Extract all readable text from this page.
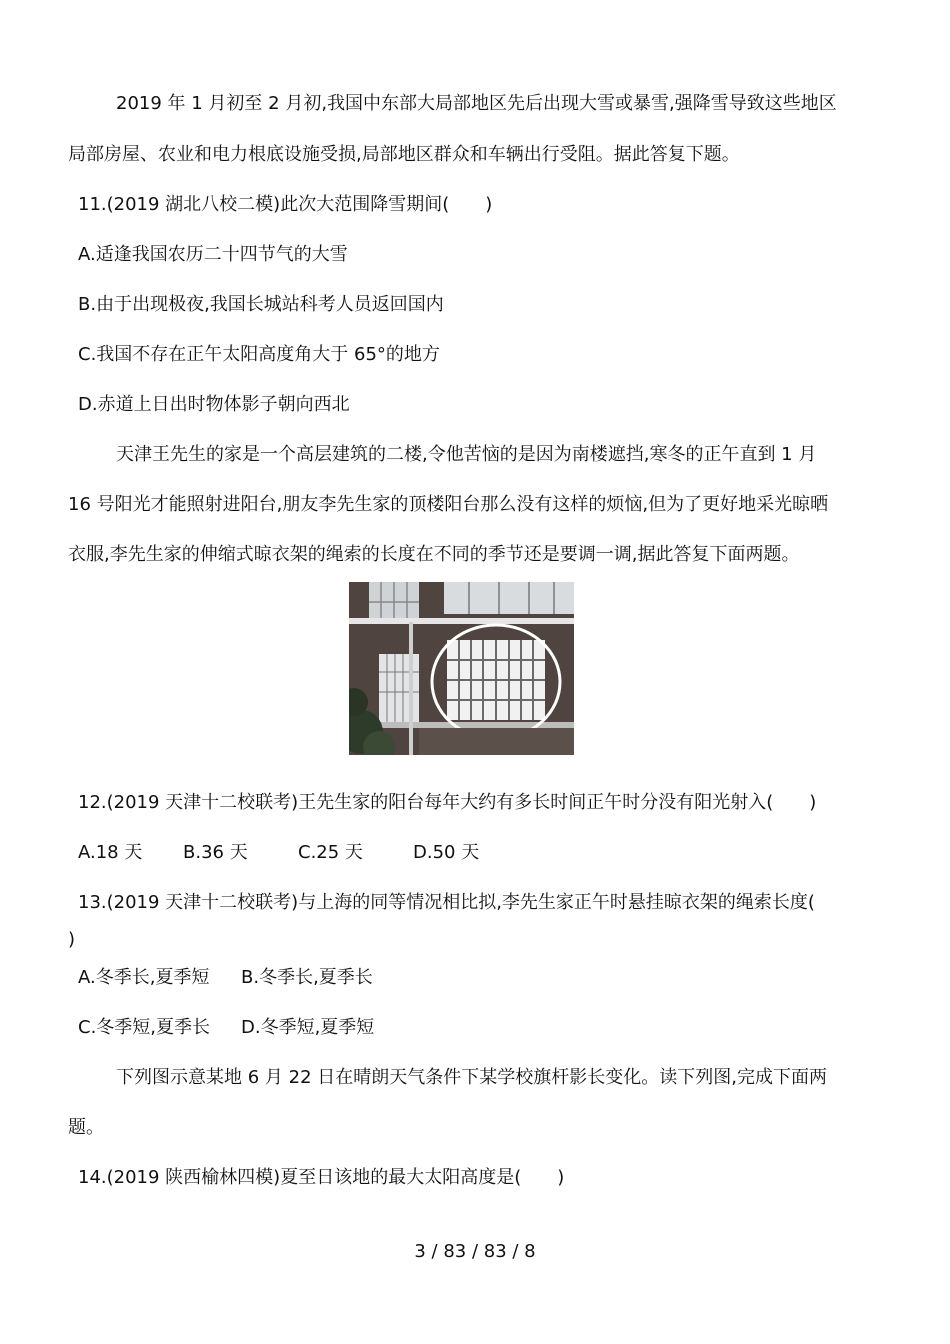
2019 年 1 月初至 2 月初,我国中东部大局部地区先后出现大雪或暴雪,强降雪导致这些地区
局部房屋、农业和电力根底设施受损,局部地区群众和车辆出行受阻。据此答复下题。
11.(2019 湖北八校二模)此次大范围降雪期间(　　)
A.适逢我国农历二十四节气的大雪
B.由于出现极夜,我国长城站科考人员返回国内
C.我国不存在正午太阳高度角大于 65°的地方
D.赤道上日出时物体影子朝向西北
天津王先生的家是一个高层建筑的二楼,令他苦恼的是因为南楼遮挡,寒冬的正午直到 1 月
16 号阳光才能照射进阳台,朋友李先生家的顶楼阳台那么没有这样的烦恼,但为了更好地采光晾晒
衣服,李先生家的伸缩式晾衣架的绳索的长度在不同的季节还是要调一调,据此答复下面两题。
12.(2019 天津十二校联考)王先生家的阳台每年大约有多长时间正午时分没有阳光射入(　　)
A.18 天 B.36 天	C.25 天	D.50 天
13.(2019 天津十二校联考)与上海的同等情况相比拟,李先生家正午时悬挂晾衣架的绳索长度(
)
A.冬季长,夏季短 B.冬季长,夏季长
C.冬季短,夏季长 D.冬季短,夏季短
下列图示意某地 6 月 22 日在晴朗天气条件下某学校旗杆影长变化。读下列图,完成下面两
题。
14.(2019 陕西榆林四模)夏至日该地的最大太阳高度是(　　)
3 / 83 / 83 / 8
